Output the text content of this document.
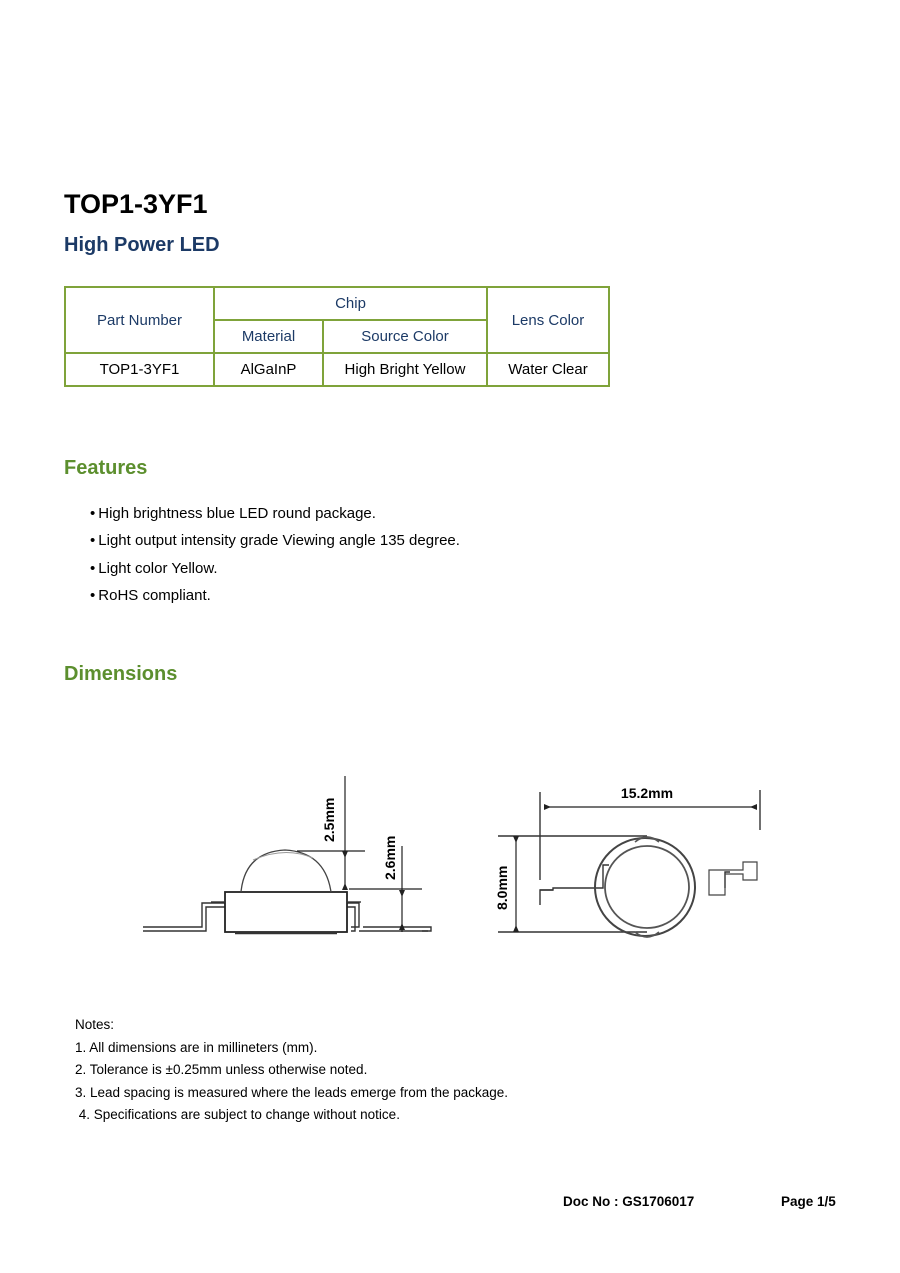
TOP1-3YF1
High Power LED
Part Number	Chip		Lens Color
	Material	Source Color	
TOP1-3YF1	AlGaInP	High Bright Yellow	Water Clear
Features
• High brightness blue LED round package.
• Light output intensity grade Viewing angle 135 degree.
• Light color Yellow.
• RoHS compliant.
Dimensions
2.5mm
2.6mm
15.2mm
8.0mm
Notes:
1. All dimensions are in millineters (mm).
2. Tolerance is ±0.25mm unless otherwise noted.
3. Lead spacing is measured where the leads emerge from the package.
4. Specifications are subject to change without notice.
Doc No : GS1706017	Page 1/5
